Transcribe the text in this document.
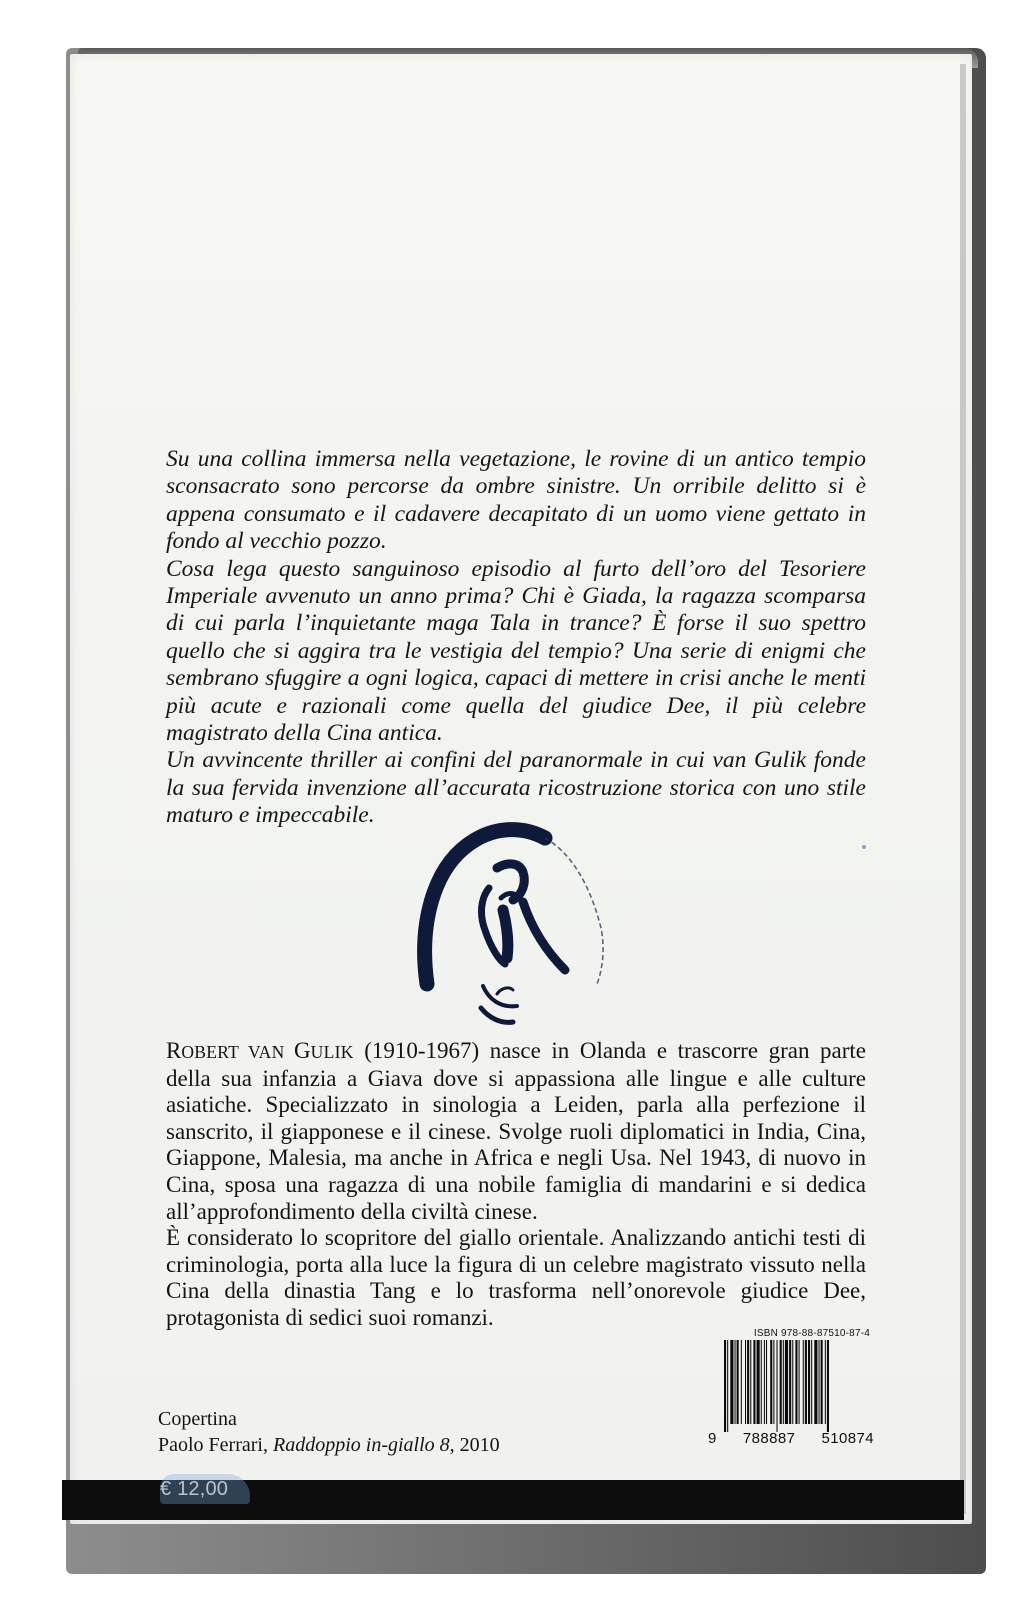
Su una collina immersa nella vegetazione, le rovine di un antico tempio sconsacrato sono percorse da ombre sinistre. Un orribile delitto si è appena consumato e il cadavere decapitato di un uomo viene gettato in fondo al vecchio pozzo.

Cosa lega questo sanguinoso episodio al furto dell’oro del Tesoriere Imperiale avvenuto un anno prima? Chi è Giada, la ragazza scomparsa di cui parla l’inquietante maga Tala in trance? È forse il suo spettro quello che si aggira tra le vestigia del tempio? Una serie di enigmi che sembrano sfuggire a ogni logica, capaci di mettere in crisi anche le menti più acute e razionali come quella del giudice Dee, il più celebre magistrato della Cina antica.

Un avvincente thriller ai confini del paranormale in cui van Gulik fonde la sua fervida invenzione all’accurata ricostruzione storica con uno stile maturo e impeccabile.

ROBERT VAN GULIK (1910-1967) nasce in Olanda e trascorre gran parte della sua infanzia a Giava dove si appassiona alle lingue e alle culture asiatiche. Specializzato in sinologia a Leiden, parla alla perfezione il sanscrito, il giapponese e il cinese. Svolge ruoli diplomatici in India, Cina, Giappone, Malesia, ma anche in Africa e negli Usa. Nel 1943, di nuovo in Cina, sposa una ragazza di una nobile famiglia di mandarini e si dedica all’approfondimento della civiltà cinese.

È considerato lo scopritore del giallo orientale. Analizzando antichi testi di criminologia, porta alla luce la figura di un celebre magistrato vissuto nella Cina della dinastia Tang e lo trasforma nell’onorevole giudice Dee, protagonista di sedici suoi romanzi.

ISBN 978-88-87510-87-4
9 788887 510874
Copertina
Paolo Ferrari, Raddoppio in-giallo 8, 2010
€ 12,00
